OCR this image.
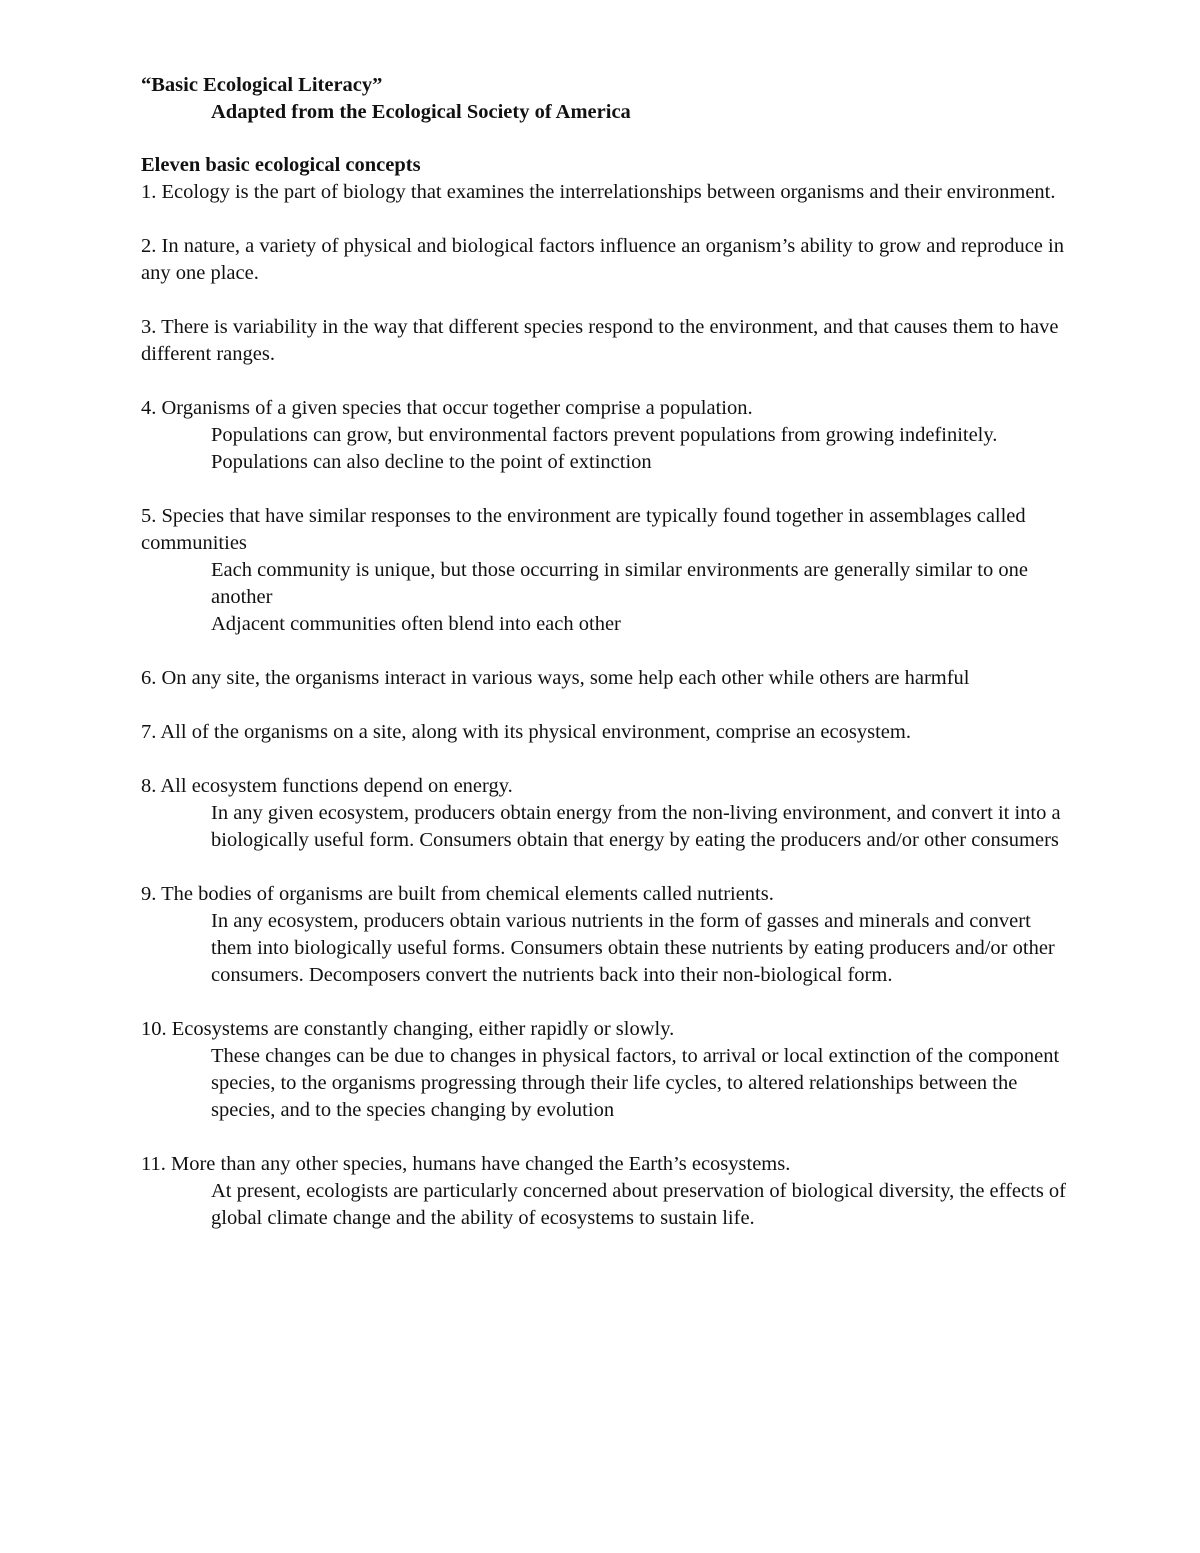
“Basic Ecological Literacy”

Adapted from the Ecological Society of America

Eleven basic ecological concepts

1. Ecology is the part of biology that examines the interrelationships between organisms and their environment.

2. In nature, a variety of physical and biological factors influence an organism’s ability to grow and reproduce in any one place.

3. There is variability in the way that different species respond to the environment, and that causes them to have different ranges.

4. Organisms of a given species that occur together comprise a population.

Populations can grow, but environmental factors prevent populations from growing indefinitely. Populations can also decline to the point of extinction

5. Species that have similar responses to the environment are typically found together in assemblages called communities

Each community is unique, but those occurring in similar environments are generally similar to one another

Adjacent communities often blend into each other

6. On any site, the organisms interact in various ways, some help each other while others are harmful

7. All of the organisms on a site, along with its physical environment, comprise an ecosystem.

8. All ecosystem functions depend on energy.

In any given ecosystem, producers obtain energy from the non-living environment, and convert it into a biologically useful form. Consumers obtain that energy by eating the producers and/or other consumers

9. The bodies of organisms are built from chemical elements called nutrients.

In any ecosystem, producers obtain various nutrients in the form of gasses and minerals and convert them into biologically useful forms. Consumers obtain these nutrients by eating producers and/or other consumers. Decomposers convert the nutrients back into their non-biological form.

10. Ecosystems are constantly changing, either rapidly or slowly.

These changes can be due to changes in physical factors, to arrival or local extinction of the component species, to the organisms progressing through their life cycles, to altered relationships between the species, and to the species changing by evolution

11. More than any other species, humans have changed the Earth’s ecosystems.

At present, ecologists are particularly concerned about preservation of biological diversity, the effects of global climate change and the ability of ecosystems to sustain life.
